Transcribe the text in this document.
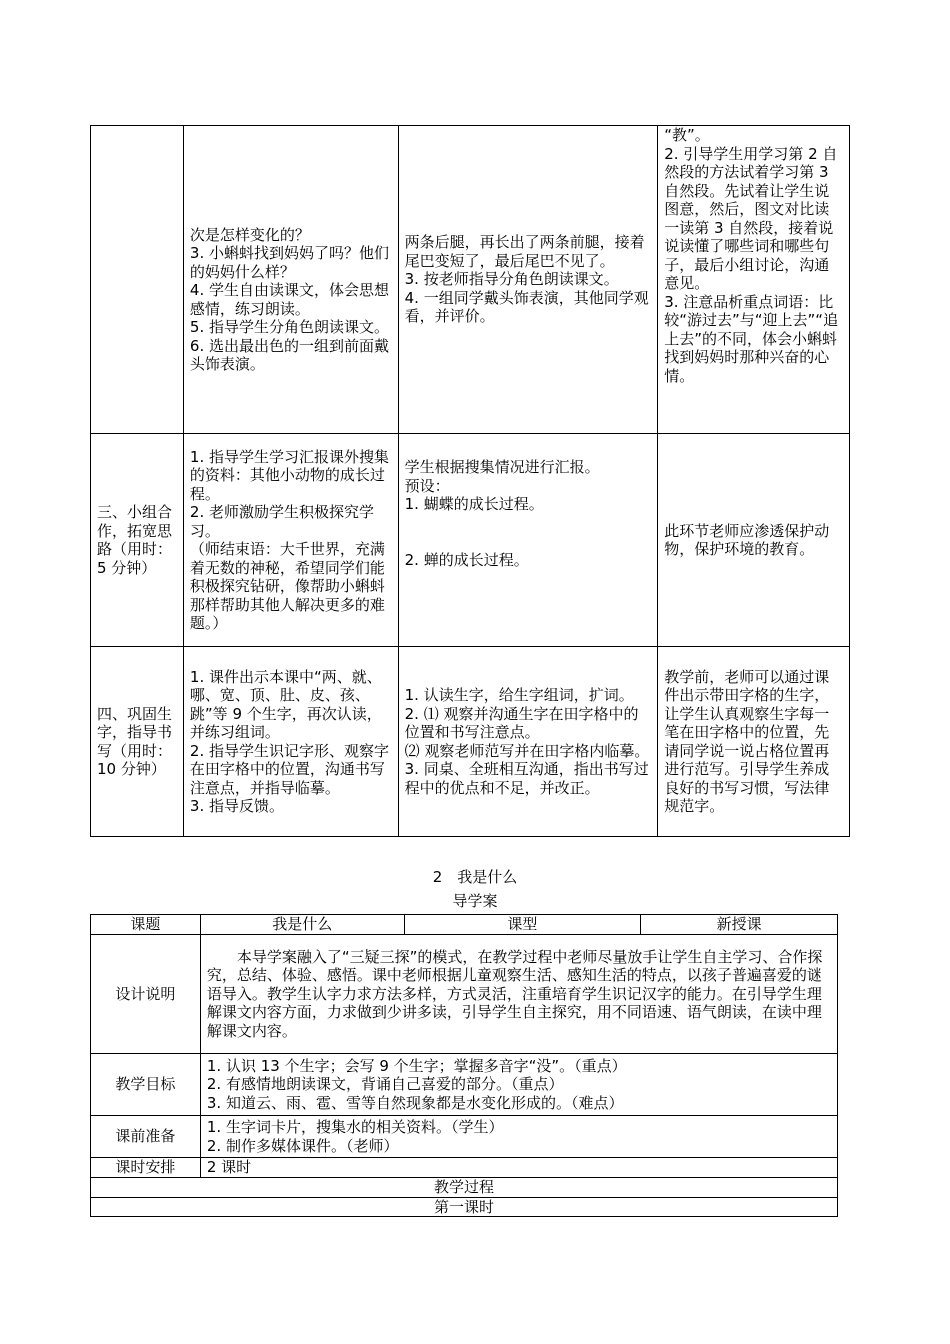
	次是怎样变化的？
3. 小蝌蚪找到妈妈了吗？他们的妈妈什么样？
4. 学生自由读课文，体会思想感情，练习朗读。
5. 指导学生分角色朗读课文。
6. 选出最出色的一组到前面戴头饰表演。	两条后腿，再长出了两条前腿，接着尾巴变短了，最后尾巴不见了。
3. 按老师指导分角色朗读课文。
4. 一组同学戴头饰表演，其他同学观看，并评价。	“教”。
2. 引导学生用学习第 2 自然段的方法试着学习第 3 自然段。先试着让学生说图意，然后，图文对比读一读第 3 自然段，接着说说读懂了哪些词和哪些句子，最后小组讨论，沟通意见。
3. 注意品析重点词语：比较“游过去”与“迎上去”“追上去”的不同，体会小蝌蚪找到妈妈时那种兴奋的心情。
三、小组合作，拓宽思路（用时：5 分钟）	1. 指导学生学习汇报课外搜集的资料：其他小动物的成长过程。
2. 老师激励学生积极探究学习。
（师结束语：大千世界，充满着无数的神秘，希望同学们能积极探究钻研，像帮助小蝌蚪那样帮助其他人解决更多的难题。）	学生根据搜集情况进行汇报。
预设：
1. 蝴蝶的成长过程。

2. 蝉的成长过程。	此环节老师应渗透保护动物，保护环境的教育。
四、巩固生字，指导书写（用时：10 分钟）	1. 课件出示本课中“两、就、哪、宽、顶、肚、皮、孩、跳”等 9 个生字，再次认读，并练习组词。
2. 指导学生识记字形、观察字在田字格中的位置，沟通书写注意点，并指导临摹。
3. 指导反馈。	1. 认读生字，给生字组词，扩词。
2. ⑴ 观察并沟通生字在田字格中的位置和书写注意点。
⑵ 观察老师范写并在田字格内临摹。
3. 同桌、全班相互沟通，指出书写过程中的优点和不足，并改正。	教学前，老师可以通过课件出示带田字格的生字，让学生认真观察生字每一笔在田字格中的位置，先请同学说一说占格位置再进行范写。引导学生养成良好的书写习惯，写法律规范字。
2　我是什么
导学案
课题	我是什么	课型	新授课
设计说明	　　本导学案融入了“三疑三探”的模式，在教学过程中老师尽量放手让学生自主学习、合作探究，总结、体验、感悟。课中老师根据儿童观察生活、感知生活的特点，以孩子普遍喜爱的谜语导入。教学生认字力求方法多样，方式灵活，注重培育学生识记汉字的能力。在引导学生理解课文内容方面，力求做到少讲多读，引导学生自主探究，用不同语速、语气朗读，在读中理解课文内容。		
教学目标	1. 认识 13 个生字；会写 9 个生字；掌握多音字“没”。（重点）
2. 有感情地朗读课文，背诵自己喜爱的部分。（重点）
3. 知道云、雨、雹、雪等自然现象都是水变化形成的。（难点）		
课前准备	1. 生字词卡片，搜集水的相关资料。（学生）
2. 制作多媒体课件。（老师）		
课时安排	2 课时		
教学过程			
第一课时			
